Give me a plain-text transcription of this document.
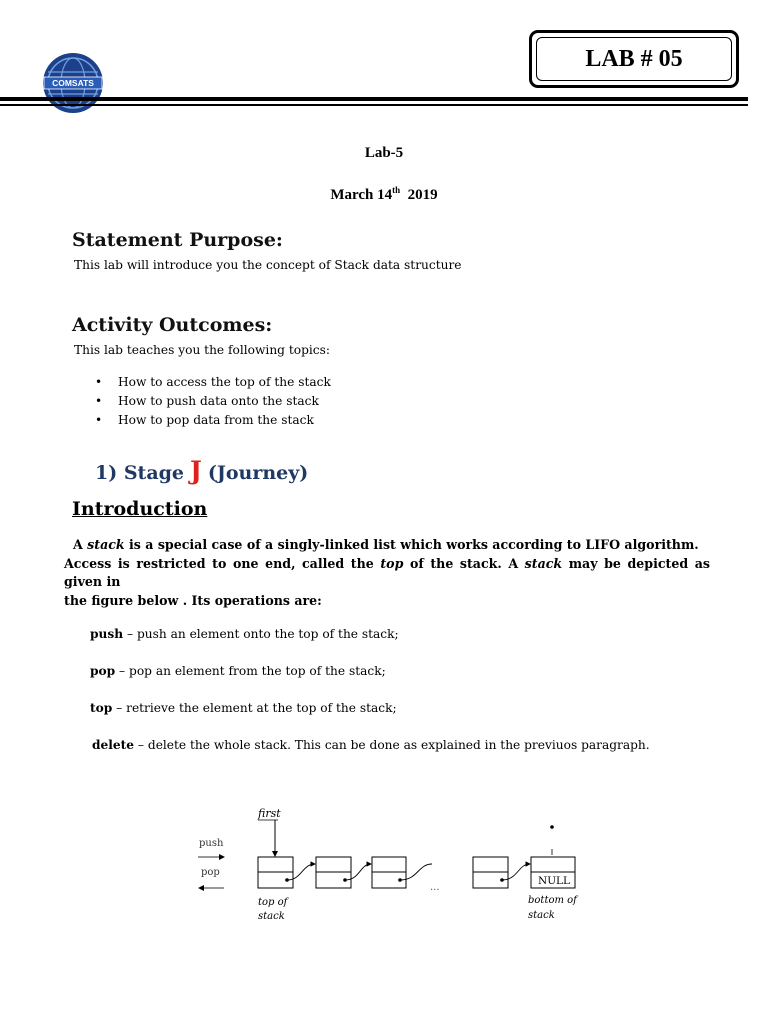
COMSATS
LAB # 05
Lab-5
March 14th 2019
Statement Purpose:
This lab will introduce you the concept of Stack data structure
Activity Outcomes:
This lab teaches you the following topics:
•	How to access the top of the stack
•	How to push data onto the stack
•	How to pop data from the stack
1) Stage J (Journey)
Introduction
A stack is a special case of a singly-linked list which works according to LIFO algorithm.
Access is restricted to one end, called the top of the stack. A stack may be depicted as given in
the figure below . Its operations are:
push – push an element onto the top of the stack;
pop – pop an element from the top of the stack;
top – retrieve the element at the top of the stack;
delete – delete the whole stack. This can be done as explained in the previuos paragraph.
push
pop
first
...
NULL
top of
stack
bottom of
stack
